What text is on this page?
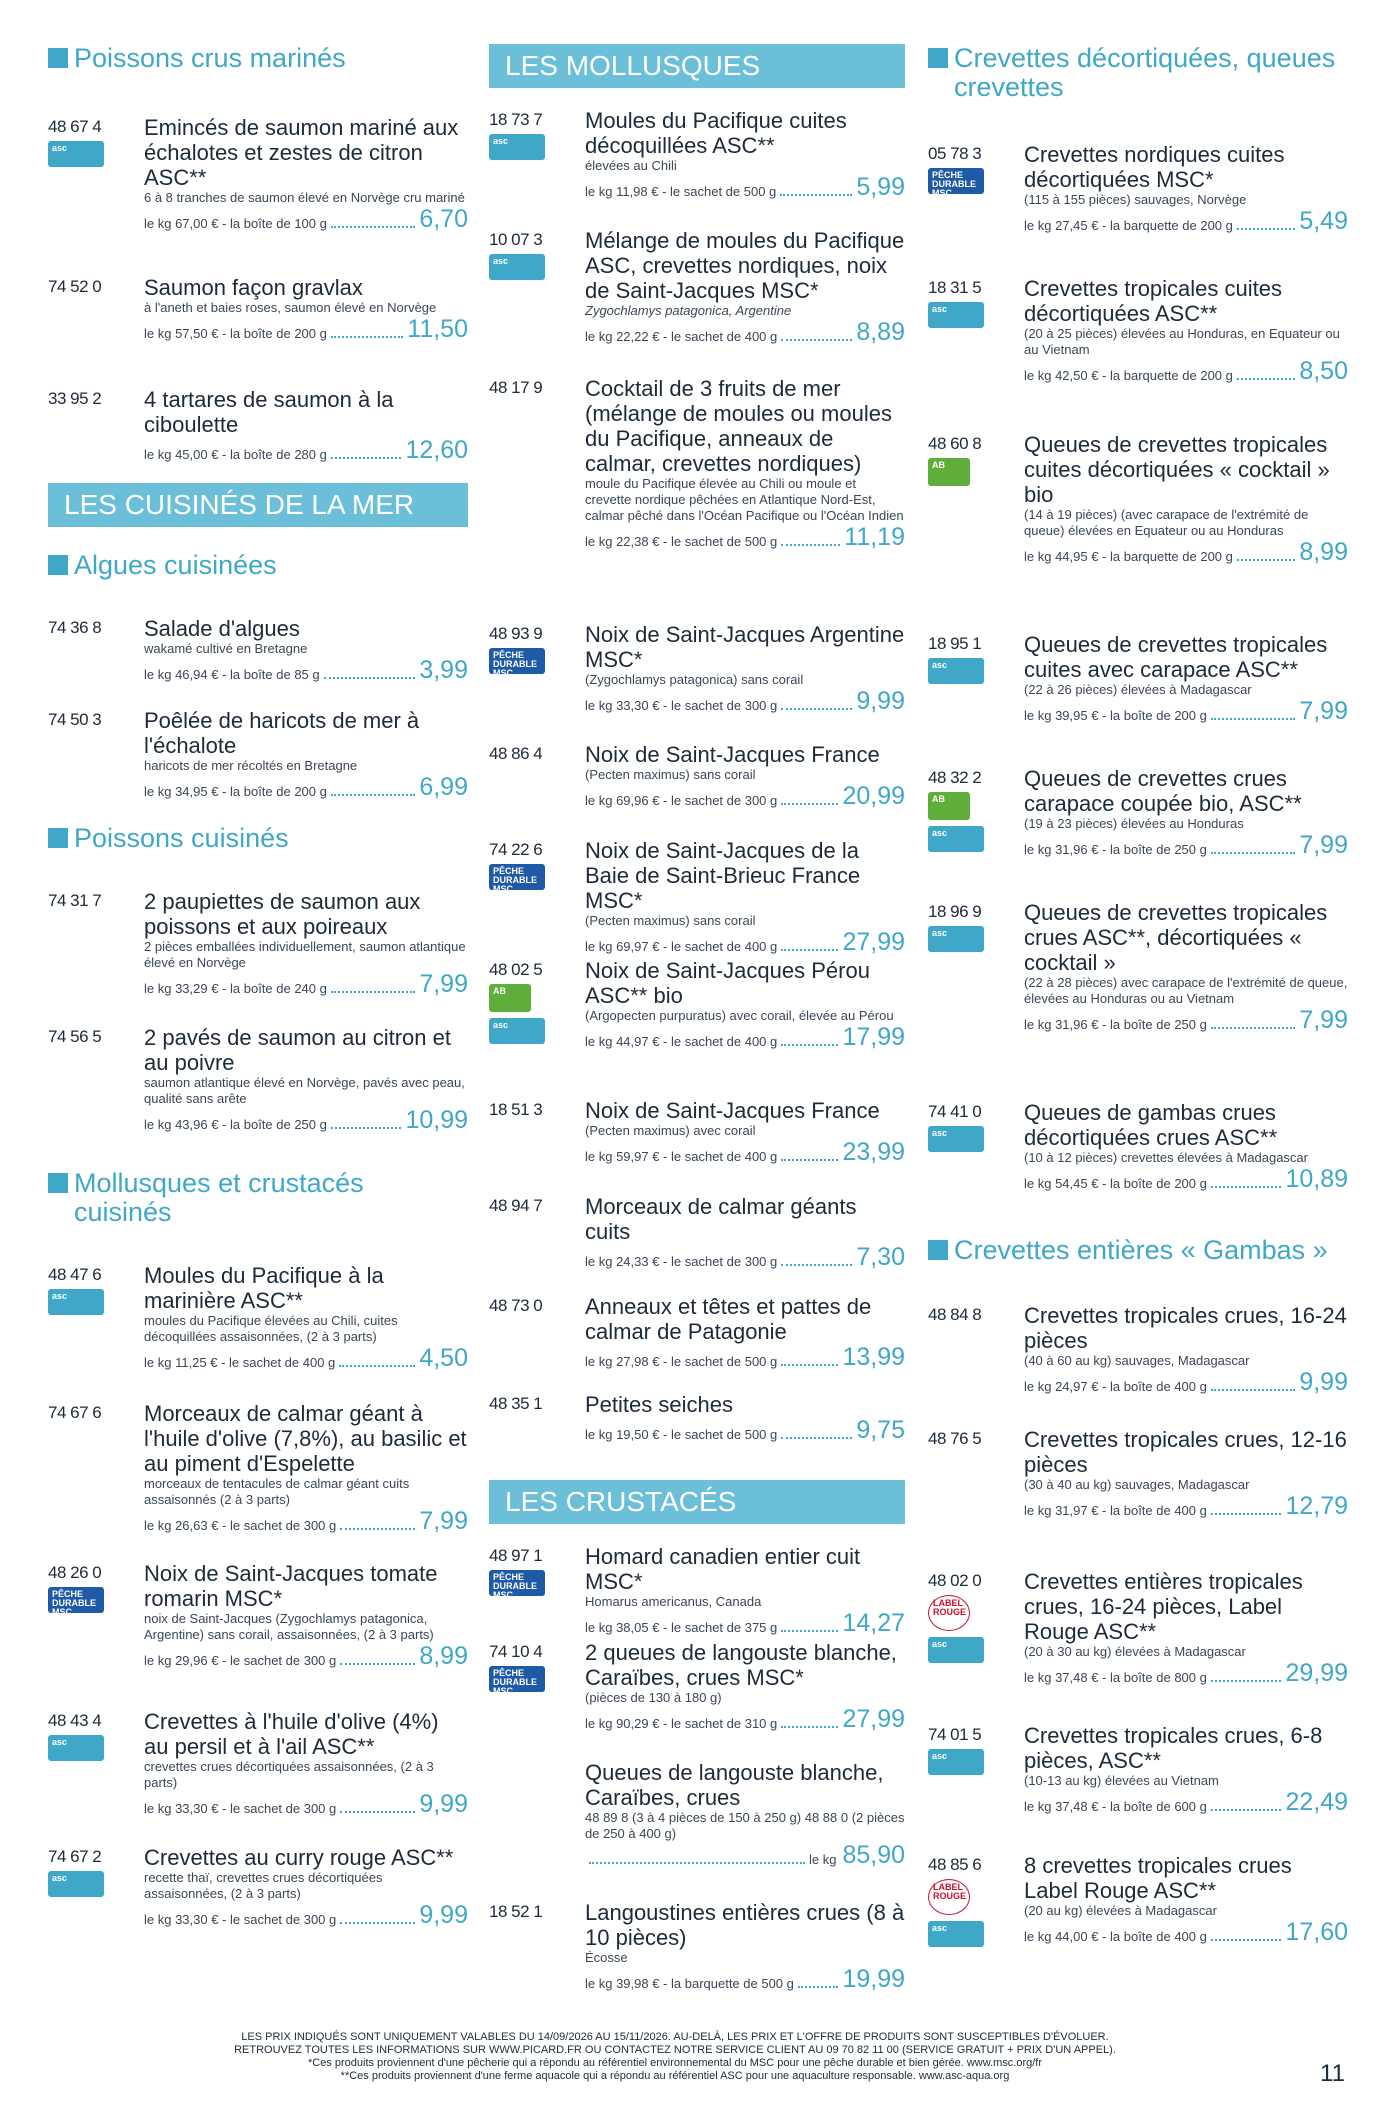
Poissons crus marinés
48 67 4
asc
Emincés de saumon mariné aux échalotes et zestes de citron ASC**
6 à 8 tranches de saumon élevé en Norvège cru mariné
le kg 67,00 € - la boîte de 100 g	6,70
74 52 0 Saumon façon gravlax
à l'aneth et baies roses, saumon élevé en Norvège
le kg 57,50 € - la boîte de 200 g	11,50
33 95 2 4 tartares de saumon à la ciboulette
le kg 45,00 € - la boîte de 280 g	12,60
LES CUISINÉS DE LA MER
Algues cuisinées
74 36 8 Salade d'algues
wakamé cultivé en Bretagne
le kg 46,94 € - la boîte de 85 g	3,99
74 50 3 Poêlée de haricots de mer à l'échalote
haricots de mer récoltés en Bretagne
le kg 34,95 € - la boîte de 200 g	6,99
Poissons cuisinés
74 31 7 2 paupiettes de saumon aux poissons et aux poireaux
2 pièces emballées individuellement, saumon atlantique élevé en Norvège
le kg 33,29 € - la boîte de 240 g	7,99
74 56 5 2 pavés de saumon au citron et au poivre
saumon atlantique élevé en Norvège, pavés avec peau, qualité sans arête
le kg 43,96 € - la boîte de 250 g	10,99
Mollusques et crustacés cuisinés
48 47 6
asc
Moules du Pacifique à la marinière ASC**
moules du Pacifique élevées au Chili, cuites décoquillées assaisonnées, (2 à 3 parts)
le kg 11,25 € - le sachet de 400 g	4,50
74 67 6 Morceaux de calmar géant à l'huile d'olive (7,8%), au basilic et au piment d'Espelette
morceaux de tentacules de calmar géant cuits assaisonnés (2 à 3 parts)
le kg 26,63 € - le sachet de 300 g	7,99
48 26 0
PÊCHE DURABLE MSC
Noix de Saint-Jacques tomate romarin MSC*
noix de Saint-Jacques (Zygochlamys patagonica, Argentine) sans corail, assaisonnées, (2 à 3 parts)
le kg 29,96 € - le sachet de 300 g	8,99
48 43 4
asc
Crevettes à l'huile d'olive (4%) au persil et à l'ail ASC**
crevettes crues décortiquées assaisonnées, (2 à 3 parts)
le kg 33,30 € - le sachet de 300 g	9,99
74 67 2
asc
Crevettes au curry rouge ASC**
recette thaï, crevettes crues décortiquées assaisonnées, (2 à 3 parts)
le kg 33,30 € - le sachet de 300 g	9,99
LES MOLLUSQUES
18 73 7
asc
Moules du Pacifique cuites décoquillées ASC**
élevées au Chili
le kg 11,98 € - le sachet de 500 g	5,99
10 07 3
asc
Mélange de moules du Pacifique ASC, crevettes nordiques, noix de Saint-Jacques MSC*
Zygochlamys patagonica, Argentine
le kg 22,22 € - le sachet de 400 g	8,89
48 17 9 Cocktail de 3 fruits de mer (mélange de moules ou moules du Pacifique, anneaux de calmar, crevettes nordiques)
moule du Pacifique élevée au Chili ou moule et crevette nordique pêchées en Atlantique Nord-Est, calmar pêché dans l'Océan Pacifique ou l'Océan Indien
le kg 22,38 € - le sachet de 500 g	11,19
48 93 9
PÊCHE DURABLE MSC
Noix de Saint-Jacques Argentine MSC*
(Zygochlamys patagonica) sans corail
le kg 33,30 € - le sachet de 300 g	9,99
48 86 4 Noix de Saint-Jacques France
(Pecten maximus) sans corail
le kg 69,96 € - le sachet de 300 g	20,99
74 22 6
PÊCHE DURABLE MSC
Noix de Saint-Jacques de la Baie de Saint-Brieuc France MSC*
(Pecten maximus) sans corail
le kg 69,97 € - le sachet de 400 g	27,99
48 02 5
AB
asc
Noix de Saint-Jacques Pérou ASC** bio
(Argopecten purpuratus) avec corail, élevée au Pérou
le kg 44,97 € - le sachet de 400 g	17,99
18 51 3 Noix de Saint-Jacques France
(Pecten maximus) avec corail
le kg 59,97 € - le sachet de 400 g	23,99
48 94 7 Morceaux de calmar géants cuits
le kg 24,33 € - le sachet de 300 g	7,30
48 73 0 Anneaux et têtes et pattes de calmar de Patagonie
le kg 27,98 € - le sachet de 500 g	13,99
48 35 1 Petites seiches
le kg 19,50 € - le sachet de 500 g	9,75
LES CRUSTACÉS
48 97 1
PÊCHE DURABLE MSC
Homard canadien entier cuit MSC*
Homarus americanus, Canada
le kg 38,05 € - le sachet de 375 g	14,27
74 10 4
PÊCHE DURABLE MSC
2 queues de langouste blanche, Caraïbes, crues MSC*
(pièces de 130 à 180 g)
le kg 90,29 € - le sachet de 310 g	27,99
Queues de langouste blanche, Caraïbes, crues
48 89 8 (3 à 4 pièces de 150 à 250 g) 48 88 0 (2 pièces de 250 à 400 g)
le kg 85,90
18 52 1 Langoustines entières crues (8 à 10 pièces)
Écosse
le kg 39,98 € - la barquette de 500 g 19,99
Crevettes décortiquées, queues crevettes
05 78 3
PÊCHE DURABLE MSC
Crevettes nordiques cuites décortiquées MSC*
(115 à 155 pièces) sauvages, Norvège
le kg 27,45 € - la barquette de 200 g	5,49
18 31 5
asc
Crevettes tropicales cuites décortiquées ASC**
(20 à 25 pièces) élevées au Honduras, en Equateur ou au Vietnam
le kg 42,50 € - la barquette de 200 g	8,50
48 60 8
AB
Queues de crevettes tropicales cuites décortiquées « cocktail » bio
(14 à 19 pièces) (avec carapace de l'extrémité de queue) élevées en Equateur ou au Honduras
le kg 44,95 € - la barquette de 200 g	8,99
18 95 1
asc
Queues de crevettes tropicales cuites avec carapace ASC**
(22 à 26 pièces) élevées à Madagascar
le kg 39,95 € - la boîte de 200 g	7,99
48 32 2
AB
asc
Queues de crevettes crues carapace coupée bio, ASC**
(19 à 23 pièces) élevées au Honduras
le kg 31,96 € - la boîte de 250 g	7,99
18 96 9
asc
Queues de crevettes tropicales crues ASC**, décortiquées « cocktail »
(22 à 28 pièces) avec carapace de l'extrémité de queue, élevées au Honduras ou au Vietnam
le kg 31,96 € - la boîte de 250 g	7,99
74 41 0
asc
Queues de gambas crues décortiquées crues ASC**
(10 à 12 pièces) crevettes élevées à Madagascar
le kg 54,45 € - la boîte de 200 g	10,89
Crevettes entières « Gambas »
48 84 8 Crevettes tropicales crues, 16-24 pièces
(40 à 60 au kg) sauvages, Madagascar
le kg 24,97 € - la boîte de 400 g	9,99
48 76 5 Crevettes tropicales crues, 12-16 pièces
(30 à 40 au kg) sauvages, Madagascar
le kg 31,97 € - la boîte de 400 g	12,79
48 02 0
LABEL ROUGE
asc
Crevettes entières tropicales crues, 16-24 pièces, Label Rouge ASC**
(20 à 30 au kg) élevées à Madagascar
le kg 37,48 € - la boîte de 800 g	29,99
74 01 5
asc
Crevettes tropicales crues, 6-8 pièces, ASC**
(10-13 au kg) élevées au Vietnam
le kg 37,48 € - la boîte de 600 g	22,49
48 85 6
LABEL ROUGE
asc
8 crevettes tropicales crues Label Rouge ASC**
(20 au kg) élevées à Madagascar
le kg 44,00 € - la boîte de 400 g	17,60
LES PRIX INDIQUÉS SONT UNIQUEMENT VALABLES DU 14/09/2026 AU 15/11/2026. AU-DELÀ, LES PRIX ET L'OFFRE DE PRODUITS SONT SUSCEPTIBLES D'ÉVOLUER.
RETROUVEZ TOUTES LES INFORMATIONS SUR WWW.PICARD.FR OU CONTACTEZ NOTRE SERVICE CLIENT AU 09 70 82 11 00 (SERVICE GRATUIT + PRIX D'UN APPEL).
*Ces produits proviennent d'une pêcherie qui a répondu au référentiel environnemental du MSC pour une pêche durable et bien gérée. www.msc.org/fr
**Ces produits proviennent d'une ferme aquacole qui a répondu au référentiel ASC pour une aquaculture responsable. www.asc-aqua.org	11
